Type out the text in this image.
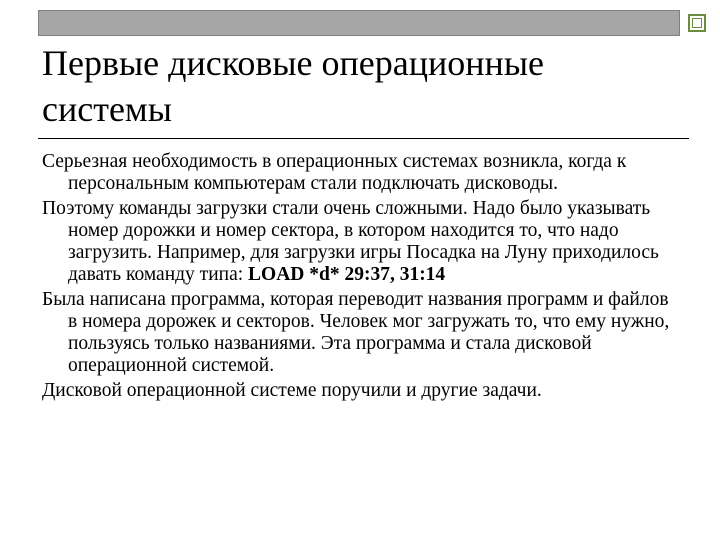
Первые дисковые операционные системы

Серьезная необходимость в операционных системах возникла, когда к персональным компьютерам стали подключать дисководы.

Поэтому команды загрузки стали очень сложными. Надо было указывать номер дорожки и номер сектора, в котором находится то, что надо загрузить. Например, для загрузки игры Посадка на Луну приходилось давать команду типа: LOAD *d* 29:37, 31:14

Была написана программа, которая переводит названия программ и файлов в номера дорожек и секторов. Человек мог загружать то, что ему нужно, пользуясь только названиями. Эта программа и стала дисковой операционной системой.

Дисковой операционной системе поручили и другие задачи.
